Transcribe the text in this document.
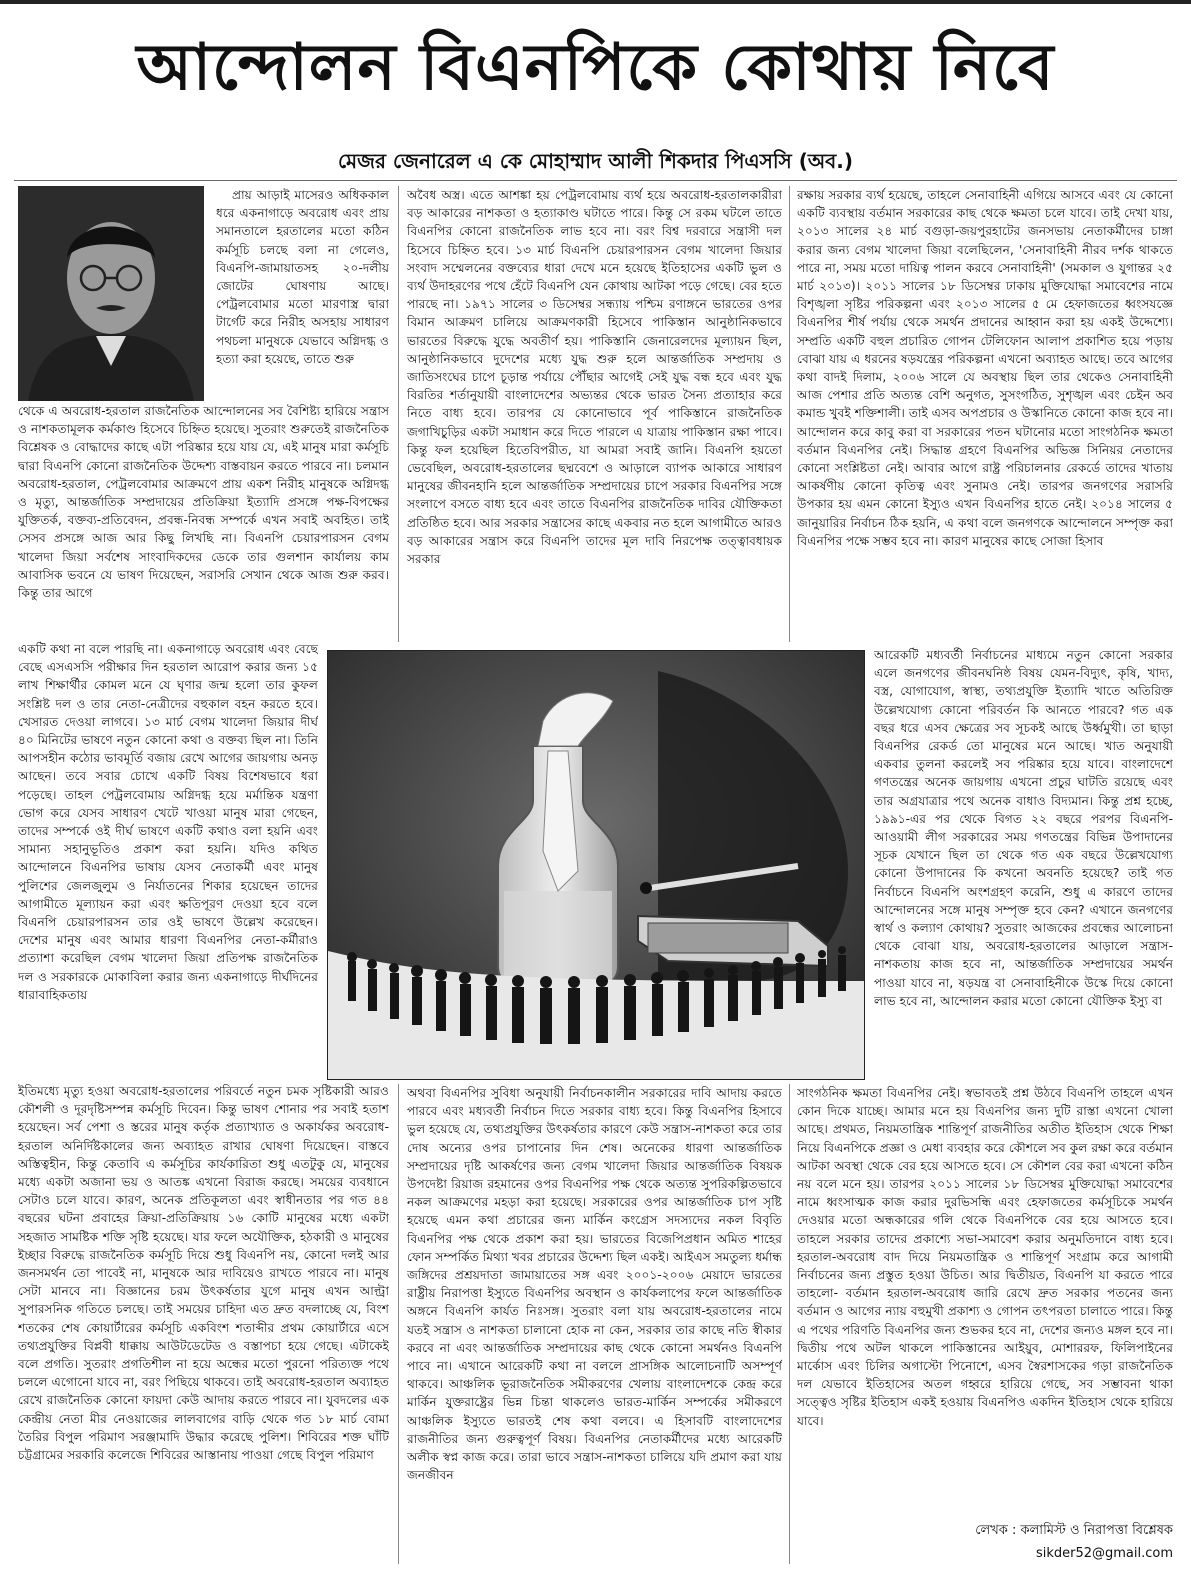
আন্দোলন বিএনপিকে কোথায় নিবে
মেজর জেনারেল এ কে মোহাম্মাদ আলী শিকদার পিএসসি (অব.)

প্রায় আড়াই মাসেরও অধিককাল ধরে একনাগাড়ে অবরোধ এবং প্রায় সমানতালে হরতালের মতো কঠিন কর্মসূচি চলছে বলা না গেলেও, বিএনপি-জামায়াতসহ ২০-দলীয় জোটের ঘোষণায় আছে। পেট্রলবোমার মতো মারণাস্ত্র দ্বারা টার্গেট করে নিরীহ অসহায় সাধারণ পথচলা মানুষকে যেভাবে অগ্নিদগ্ধ ও হত্যা করা হয়েছে, তাতে শুরু

থেকে এ অবরোধ-হরতাল রাজনৈতিক আন্দোলনের সব বৈশিষ্ট্য হারিয়ে সন্ত্রাস ও নাশকতামূলক কর্মকাণ্ড হিসেবে চিহ্নিত হয়েছে। সুতরাং শুরুতেই রাজনৈতিক বিশ্লেষক ও বোদ্ধাদের কাছে এটা পরিষ্কার হয়ে যায় যে, এই মানুষ মারা কর্মসূচি দ্বারা বিএনপি কোনো রাজনৈতিক উদ্দেশ্য বাস্তবায়ন করতে পারবে না। চলমান অবরোধ-হরতাল, পেট্রলবোমার আক্রমণে প্রায় একশ নিরীহ মানুষকে অগ্নিদগ্ধ ও মৃত্যু, আন্তর্জাতিক সম্প্রদায়ের প্রতিক্রিয়া ইত্যাদি প্রসঙ্গে পক্ষ-বিপক্ষের যুক্তিতর্ক, বক্তব্য-প্রতিবেদন, প্রবন্ধ-নিবন্ধ সম্পর্কে এখন সবাই অবহিত। তাই সেসব প্রসঙ্গে আজ আর কিছু লিখছি না। বিএনপি চেয়ারপারসন বেগম খালেদা জিয়া সর্বশেষ সাংবাদিকদের ডেকে তার গুলশান কার্যালয় কাম আবাসিক ভবনে যে ভাষণ দিয়েছেন, সরাসরি সেখান থেকে আজ শুরু করব। কিন্তু তার আগে

একটি কথা না বলে পারছি না। একনাগাড়ে অবরোধ এবং বেছে বেছে এসএসসি পরীক্ষার দিন হরতাল আরোপ করার জন্য ১৫ লাখ শিক্ষার্থীর কোমল মনে যে ঘৃণার জন্ম হলো তার কুফল সংশ্লিষ্ট দল ও তার নেতা-নেত্রীদের বহুকাল বহন করতে হবে। খেসারত দেওয়া লাগবে। ১৩ মার্চ বেগম খালেদা জিয়ার দীর্ঘ ৪০ মিনিটের ভাষণে নতুন কোনো কথা ও বক্তব্য ছিল না। তিনি আপসহীন কঠোর ভাবমূর্তি বজায় রেখে আগের জায়গায় অনড় আছেন। তবে সবার চোখে একটি বিষয় বিশেষভাবে ধরা পড়েছে। তাহল পেট্রলবোমায় অগ্নিদগ্ধ হয়ে মর্মান্তিক যন্ত্রণা ভোগ করে যেসব সাধারণ খেটে খাওয়া মানুষ মারা গেছেন, তাদের সম্পর্কে ওই দীর্ঘ ভাষণে একটি কথাও বলা হয়নি এবং সামান্য সহানুভূতিও প্রকাশ করা হয়নি। যদিও কথিত আন্দোলনে বিএনপির ভাষায় যেসব নেতাকর্মী এবং মানুষ পুলিশের জেলজুলুম ও নির্যাতনের শিকার হয়েছেন তাদের আগামীতে মূল্যায়ন করা এবং ক্ষতিপূরণ দেওয়া হবে বলে বিএনপি চেয়ারপারসন তার ওই ভাষণে উল্লেখ করেছেন। দেশের মানুষ এবং আমার ধারণা বিএনপির নেতা-কর্মীরাও প্রত্যাশা করেছিল বেগম খালেদা জিয়া প্রতিপক্ষ রাজনৈতিক দল ও সরকারকে মোকাবিলা করার জন্য একনাগাড়ে দীর্ঘদিনের ধারাবাহিকতায়

ইতিমধ্যে মৃত্যু হওয়া অবরোধ-হরতালের পরিবর্তে নতুন চমক সৃষ্টিকারী আরও কৌশলী ও দূরদৃষ্টিসম্পন্ন কর্মসূচি দিবেন। কিন্তু ভাষণ শোনার পর সবাই হতাশ হয়েছেন। সর্ব পেশা ও স্তরের মানুষ কর্তৃক প্রত্যাখ্যাত ও অকার্যকর অবরোধ-হরতাল অনির্দিষ্টকালের জন্য অব্যাহত রাখার ঘোষণা দিয়েছেন। বাস্তবে অস্তিত্বহীন, কিন্তু কেতাবি এ কর্মসূচির কার্যকারিতা শুধু এতটুকু যে, মানুষের মধ্যে একটা অজানা ভয় ও আতঙ্ক এখনো বিরাজ করছে। সময়ের ব্যবধানে সেটাও চলে যাবে। কারণ, অনেক প্রতিকূলতা এবং স্বাধীনতার পর গত ৪৪ বছরের ঘটনা প্রবাহের ক্রিয়া-প্রতিক্রিয়ায় ১৬ কোটি মানুষের মধ্যে একটা সহজাত সামষ্টিক শক্তি সৃষ্টি হয়েছে। যার ফলে অযৌক্তিক, হঠকারী ও মানুষের ইচ্ছার বিরুদ্ধে রাজনৈতিক কর্মসূচি দিয়ে শুধু বিএনপি নয়, কোনো দলই আর জনসমর্থন তো পাবেই না, মানুষকে আর দাবিয়েও রাখতে পারবে না। মানুষ সেটা মানবে না। বিজ্ঞানের চরম উৎকর্ষতার যুগে মানুষ এখন আল্ট্রা সুপারসনিক গতিতে চলছে। তাই সময়ের চাহিদা এত দ্রুত বদলাচ্ছে যে, বিংশ শতকের শেষ কোয়ার্টারের কর্মসূচি একবিংশ শতাব্দীর প্রথম কোয়ার্টারে এসে তথ্যপ্রযুক্তির বিপ্লবী ধাক্কায় আউটডেটেড ও বস্তাপচা হয়ে গেছে। এটাকেই বলে প্রগতি। সুতরাং প্রগতিশীল না হয়ে অন্ধের মতো পুরনো পরিত্যক্ত পথে চললে এগোনো যাবে না, বরং পিছিয়ে থাকবে। তাই অবরোধ-হরতাল অব্যাহত রেখে রাজনৈতিক কোনো ফায়দা কেউ আদায় করতে পারবে না। যুবদলের এক কেন্দ্রীয় নেতা মীর নেওয়াজের লালবাগের বাড়ি থেকে গত ১৮ মার্চ বোমা তৈরির বিপুল পরিমাণ সরঞ্জামাদি উদ্ধার করেছে পুলিশ। শিবিরের শক্ত ঘাঁটি চট্টগ্রামের সরকারি কলেজে শিবিরের আস্তানায় পাওয়া গেছে বিপুল পরিমাণ

অবৈধ অস্ত্র। এতে আশঙ্কা হয় পেট্রলবোমায় ব্যর্থ হয়ে অবরোধ-হরতালকারীরা বড় আকারের নাশকতা ও হত্যাকাণ্ড ঘটাতে পারে। কিন্তু সে রকম ঘটলে তাতে বিএনপির কোনো রাজনৈতিক লাভ হবে না। বরং বিশ্ব দরবারে সন্ত্রাসী দল হিসেবে চিহ্নিত হবে। ১৩ মার্চ বিএনপি চেয়ারপারসন বেগম খালেদা জিয়ার সংবাদ সম্মেলনের বক্তব্যের ধারা দেখে মনে হয়েছে ইতিহাসের একটি ভুল ও ব্যর্থ উদাহরণের পথে হেঁটে বিএনপি যেন কোথায় আটকা পড়ে গেছে। বের হতে পারছে না। ১৯৭১ সালের ৩ ডিসেম্বর সন্ধ্যায় পশ্চিম রণাঙ্গনে ভারতের ওপর বিমান আক্রমণ চালিয়ে আক্রমণকারী হিসেবে পাকিস্তান আনুষ্ঠানিকভাবে ভারতের বিরুদ্ধে যুদ্ধে অবতীর্ণ হয়। পাকিস্তানি জেনারেলদের মূল্যায়ন ছিল, আনুষ্ঠানিকভাবে দুদেশের মধ্যে যুদ্ধ শুরু হলে আন্তর্জাতিক সম্প্রদায় ও জাতিসংঘের চাপে চূড়ান্ত পর্যায়ে পৌঁছার আগেই সেই যুদ্ধ বন্ধ হবে এবং যুদ্ধ বিরতির শর্তানুযায়ী বাংলাদেশের অভ্যন্তর থেকে ভারত সৈন্য প্রত্যাহার করে নিতে বাধ্য হবে। তারপর যে কোনোভাবে পূর্ব পাকিস্তানে রাজনৈতিক জগাখিচুড়ির একটা সমাধান করে দিতে পারলে এ যাত্রায় পাকিস্তান রক্ষা পাবে। কিন্তু ফল হয়েছিল হিতেবিপরীত, যা আমরা সবাই জানি। বিএনপি হয়তো ভেবেছিল, অবরোধ-হরতালের ছদ্মবেশে ও আড়ালে ব্যাপক আকারে সাধারণ মানুষের জীবনহানি হলে আন্তর্জাতিক সম্প্রদায়ের চাপে সরকার বিএনপির সঙ্গে সংলাপে বসতে বাধ্য হবে এবং তাতে বিএনপির রাজনৈতিক দাবির যৌক্তিকতা প্রতিষ্ঠিত হবে। আর সরকার সন্ত্রাসের কাছে একবার নত হলে আগামীতে আরও বড় আকারের সন্ত্রাস করে বিএনপি তাদের মূল দাবি নিরপেক্ষ তত্ত্বাবধায়ক সরকার

অথবা বিএনপির সুবিধা অনুযায়ী নির্বাচনকালীন সরকারের দাবি আদায় করতে পারবে এবং মধ্যবর্তী নির্বাচন দিতে সরকার বাধ্য হবে। কিন্তু বিএনপির হিসাবে ভুল হয়েছে যে, তথ্যপ্রযুক্তির উৎকর্ষতার কারণে কেউ সন্ত্রাস-নাশকতা করে তার দোষ অন্যের ওপর চাপানোর দিন শেষ। অনেকের ধারণা আন্তর্জাতিক সম্প্রদায়ের দৃষ্টি আকর্ষণের জন্য বেগম খালেদা জিয়ার আন্তর্জাতিক বিষয়ক উপদেষ্টা রিয়াজ রহমানের ওপর বিএনপির পক্ষ থেকে অত্যন্ত সুপরিকল্পিতভাবে নকল আক্রমণের মহড়া করা হয়েছে। সরকারের ওপর আন্তর্জাতিক চাপ সৃষ্টি হয়েছে এমন কথা প্রচারের জন্য মার্কিন কংগ্রেস সদস্যদের নকল বিবৃতি বিএনপির পক্ষ থেকে প্রকাশ করা হয়। ভারতের বিজেপিপ্রধান অমিত শাহের ফোন সম্পর্কিত মিথ্যা খবর প্রচারের উদ্দেশ্য ছিল একই। আইএস সমতুল্য ধর্মান্ধ জঙ্গিদের প্রশ্রয়দাতা জামায়াতের সঙ্গ এবং ২০০১-২০০৬ মেয়াদে ভারতের রাষ্ট্রীয় নিরাপত্তা ইস্যুতে বিএনপির অবস্থান ও কার্যকলাপের ফলে আন্তর্জাতিক অঙ্গনে বিএনপি কার্যত নিঃসঙ্গ। সুতরাং বলা যায় অবরোধ-হরতালের নামে যতই সন্ত্রাস ও নাশকতা চালানো হোক না কেন, সরকার তার কাছে নতি স্বীকার করবে না এবং আন্তর্জাতিক সম্প্রদায়ের কাছ থেকে কোনো সমর্থনও বিএনপি পাবে না। এখানে আরেকটি কথা না বললে প্রাসঙ্গিক আলোচনাটি অসম্পূর্ণ থাকবে। আঞ্চলিক ভূরাজনৈতিক সমীকরণের খেলায় বাংলাদেশকে কেন্দ্র করে মার্কিন যুক্তরাষ্ট্রের ভিন্ন চিন্তা থাকলেও ভারত-মার্কিন সম্পর্কের সমীকরণে আঞ্চলিক ইস্যুতে ভারতই শেষ কথা বলবে। এ হিসাবটি বাংলাদেশের রাজনীতির জন্য গুরুত্বপূর্ণ বিষয়। বিএনপির নেতাকর্মীদের মধ্যে আরেকটি অলীক স্বপ্ন কাজ করে। তারা ভাবে সন্ত্রাস-নাশকতা চালিয়ে যদি প্রমাণ করা যায় জনজীবন

রক্ষায় সরকার ব্যর্থ হয়েছে, তাহলে সেনাবাহিনী এগিয়ে আসবে এবং যে কোনো একটি ব্যবস্থায় বর্তমান সরকারের কাছ থেকে ক্ষমতা চলে যাবে। তাই দেখা যায়, ২০১৩ সালের ২৪ মার্চ বগুড়া-জয়পুরহাটের জনসভায় নেতাকর্মীদের চাঙ্গা করার জন্য বেগম খালেদা জিয়া বলেছিলেন, 'সেনাবাহিনী নীরব দর্শক থাকতে পারে না, সময় মতো দায়িত্ব পালন করবে সেনাবাহিনী' (সমকাল ও যুগান্তর ২৫ মার্চ ২০১৩)। ২০১১ সালের ১৮ ডিসেম্বর ঢাকায় মুক্তিযোদ্ধা সমাবেশের নামে বিশৃঙ্খলা সৃষ্টির পরিকল্পনা এবং ২০১৩ সালের ৫ মে হেফাজতের ধ্বংসযজ্ঞে বিএনপির শীর্ষ পর্যায় থেকে সমর্থন প্রদানের আহ্বান করা হয় একই উদ্দেশ্যে। সম্প্রতি একটি বহুল প্রচারিত গোপন টেলিফোন আলাপ প্রকাশিত হয়ে পড়ায় বোঝা যায় এ ধরনের ষড়যন্ত্রের পরিকল্পনা এখনো অব্যাহত আছে। তবে আগের কথা বাদই দিলাম, ২০০৬ সালে যে অবস্থায় ছিল তার থেকেও সেনাবাহিনী আজ পেশার প্রতি অত্যন্ত বেশি অনুগত, সুসংগঠিত, সুশৃঙ্খল এবং চেইন অব কমান্ড খুবই শক্তিশালী। তাই এসব অপপ্রচার ও উস্কানিতে কোনো কাজ হবে না। আন্দোলন করে কাবু করা বা সরকারের পতন ঘটানোর মতো সাংগঠনিক ক্ষমতা বর্তমান বিএনপির নেই। সিদ্ধান্ত গ্রহণে বিএনপির অভিজ্ঞ সিনিয়র নেতাদের কোনো সংশ্লিষ্টতা নেই। আবার আগে রাষ্ট্র পরিচালনার রেকর্ডে তাদের খাতায় আকর্ষণীয় কোনো কৃতিত্ব এবং সুনামও নেই। তারপর জনগণের সরাসরি উপকার হয় এমন কোনো ইস্যুও এখন বিএনপির হাতে নেই। ২০১৪ সালের ৫ জানুয়ারির নির্বাচন ঠিক হয়নি, এ কথা বলে জনগণকে আন্দোলনে সম্পৃক্ত করা বিএনপির পক্ষে সম্ভব হবে না। কারণ মানুষের কাছে সোজা হিসাব

আরেকটি মধ্যবর্তী নির্বাচনের মাধ্যমে নতুন কোনো সরকার এলে জনগণের জীবনঘনিষ্ঠ বিষয় যেমন-বিদ্যুৎ, কৃষি, খাদ্য, বস্ত্র, যোগাযোগ, স্বাস্থ্য, তথ্যপ্রযুক্তি ইত্যাদি খাতে অতিরিক্ত উল্লেখযোগ্য কোনো পরিবর্তন কি আনতে পারবে? গত এক বছর ধরে এসব ক্ষেত্রের সব সূচকই আছে উর্ধ্বমুখী। তা ছাড়া বিএনপির রেকর্ড তো মানুষের মনে আছে। খাত অনুযায়ী একবার তুলনা করলেই সব পরিষ্কার হয়ে যাবে। বাংলাদেশে গণতন্ত্রের অনেক জায়গায় এখনো প্রচুর ঘাটতি রয়েছে এবং তার অগ্রযাত্রার পথে অনেক বাধাও বিদ্যমান। কিন্তু প্রশ্ন হচ্ছে, ১৯৯১-এর পর থেকে বিগত ২২ বছরে পরপর বিএনপি-আওয়ামী লীগ সরকারের সময় গণতন্ত্রের বিভিন্ন উপাদানের সূচক যেখানে ছিল তা থেকে গত এক বছরে উল্লেখযোগ্য কোনো উপাদানের কি কখনো অবনতি হয়েছে? তাই গত নির্বাচনে বিএনপি অংশগ্রহণ করেনি, শুধু এ কারণে তাদের আন্দোলনের সঙ্গে মানুষ সম্পৃক্ত হবে কেন? এখানে জনগণের স্বার্থ ও কল্যাণ কোথায়? সুতরাং আজকের প্রবন্ধের আলোচনা থেকে বোঝা যায়, অবরোধ-হরতালের আড়ালে সন্ত্রাস-নাশকতায় কাজ হবে না, আন্তর্জাতিক সম্প্রদায়ের সমর্থন পাওয়া যাবে না, ষড়যন্ত্র বা সেনাবাহিনীকে উস্কে দিয়ে কোনো লাভ হবে না, আন্দোলন করার মতো কোনো যৌক্তিক ইস্যু বা

সাংগঠনিক ক্ষমতা বিএনপির নেই। স্বভাবতই প্রশ্ন উঠবে বিএনপি তাহলে এখন কোন দিকে যাচ্ছে। আমার মনে হয় বিএনপির জন্য দুটি রাস্তা এখনো খোলা আছে। প্রথমত, নিয়মতান্ত্রিক শান্তিপূর্ণ রাজনীতির অতীত ইতিহাস থেকে শিক্ষা নিয়ে বিএনপিকে প্রজ্ঞা ও মেধা ব্যবহার করে কৌশলে সব কুল রক্ষা করে বর্তমান আটকা অবস্থা থেকে বের হয়ে আসতে হবে। সে কৌশল বের করা এখনো কঠিন নয় বলে মনে হয়। তারপর ২০১১ সালের ১৮ ডিসেম্বর মুক্তিযোদ্ধা সমাবেশের নামে ধ্বংসাত্মক কাজ করার দুরভিসন্ধি এবং হেফাজতের কর্মসূচিকে সমর্থন দেওয়ার মতো অন্ধকারের গলি থেকে বিএনপিকে বের হয়ে আসতে হবে। তাহলে সরকার তাদের প্রকাশ্যে সভা-সমাবেশ করার অনুমতিদানে বাধ্য হবে। হরতাল-অবরোধ বাদ দিয়ে নিয়মতান্ত্রিক ও শান্তিপূর্ণ সংগ্রাম করে আগামী নির্বাচনের জন্য প্রস্তুত হওয়া উচিত। আর দ্বিতীয়ত, বিএনপি যা করতে পারে তাহলো- বর্তমান হরতাল-অবরোধ জারি রেখে দ্রুত সরকার পতনের জন্য বর্তমান ও আগের ন্যায় বহুমুখী প্রকাশ্য ও গোপন তৎপরতা চালাতে পারে। কিন্তু এ পথের পরিণতি বিএনপির জন্য শুভকর হবে না, দেশের জন্যও মঙ্গল হবে না। দ্বিতীয় পথে অটল থাকলে পাকিস্তানের আইয়ুব, মোশাররফ, ফিলিপাইনের মার্কোস এবং চিলির অগাস্টো পিনোশে, এসব স্বৈরশাসকের গড়া রাজনৈতিক দল যেভাবে ইতিহাসের অতল গহ্বরে হারিয়ে গেছে, সব সম্ভাবনা থাকা সত্ত্বেও সৃষ্টির ইতিহাস একই হওয়ায় বিএনপিও একদিন ইতিহাস থেকে হারিয়ে যাবে।

লেখক : কলামিস্ট ও নিরাপত্তা বিশ্লেষক
sikder52@gmail.com
